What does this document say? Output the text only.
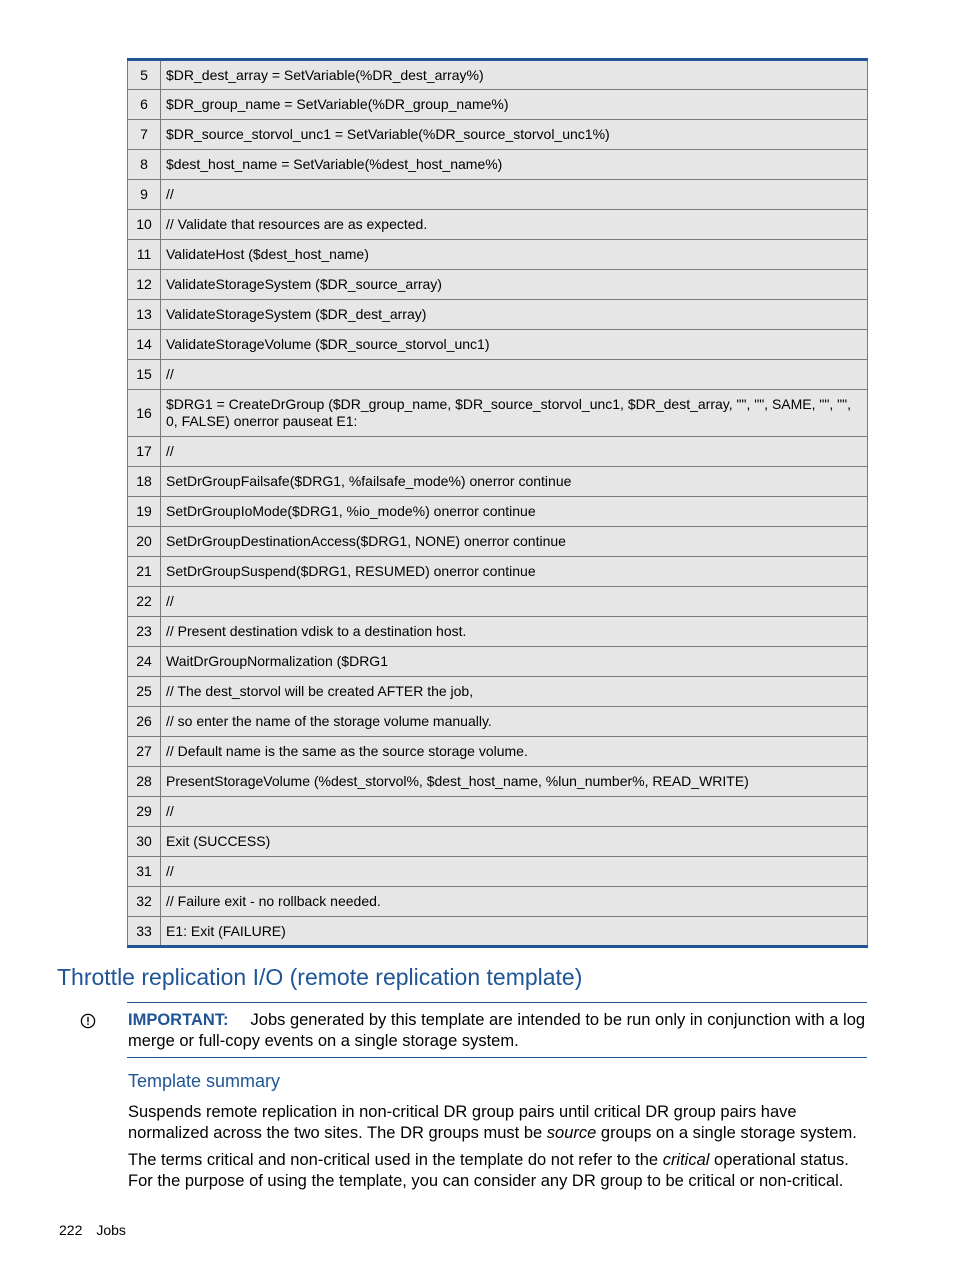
5	$DR_dest_array = SetVariable(%DR_dest_array%)
6	$DR_group_name = SetVariable(%DR_group_name%)
7	$DR_source_storvol_unc1 = SetVariable(%DR_source_storvol_unc1%)
8	$dest_host_name = SetVariable(%dest_host_name%)
9	//
10	// Validate that resources are as expected.
11	ValidateHost ($dest_host_name)
12	ValidateStorageSystem ($DR_source_array)
13	ValidateStorageSystem ($DR_dest_array)
14	ValidateStorageVolume ($DR_source_storvol_unc1)
15	//
16	$DRG1 = CreateDrGroup ($DR_group_name, $DR_source_storvol_unc1, $DR_dest_array, "", "", SAME, "", "", 0, FALSE) onerror pauseat E1:
17	//
18	SetDrGroupFailsafe($DRG1, %failsafe_mode%) onerror continue
19	SetDrGroupIoMode($DRG1, %io_mode%) onerror continue
20	SetDrGroupDestinationAccess($DRG1, NONE) onerror continue
21	SetDrGroupSuspend($DRG1, RESUMED) onerror continue
22	//
23	// Present destination vdisk to a destination host.
24	WaitDrGroupNormalization ($DRG1
25	// The dest_storvol will be created AFTER the job,
26	// so enter the name of the storage volume manually.
27	// Default name is the same as the source storage volume.
28	PresentStorageVolume (%dest_storvol%, $dest_host_name, %lun_number%, READ_WRITE)
29	//
30	Exit (SUCCESS)
31	//
32	// Failure exit - no rollback needed.
33	E1: Exit (FAILURE)
Throttle replication I/O (remote replication template)
IMPORTANT: Jobs generated by this template are intended to be run only in conjunction with a log merge or full-copy events on a single storage system.
Template summary

Suspends remote replication in non-critical DR group pairs until critical DR group pairs have normalized across the two sites. The DR groups must be source groups on a single storage system.

The terms critical and non-critical used in the template do not refer to the critical operational status. For the purpose of using the template, you can consider any DR group to be critical or non-critical.

222 Jobs
